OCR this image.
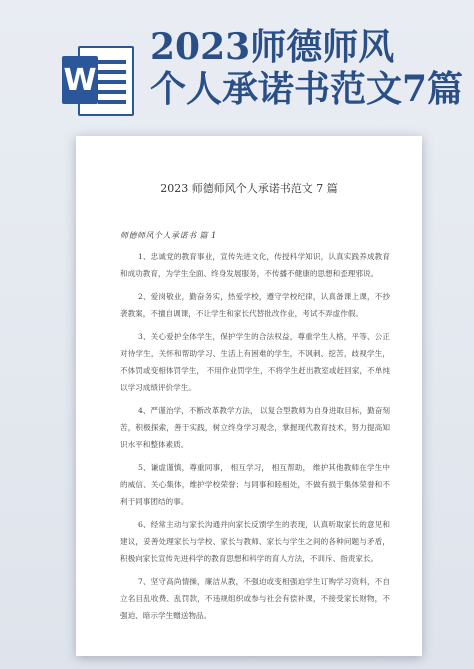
W
2023师德师风
个人承诺书范文7篇
2023 师德师风个人承诺书范文 7 篇
师德师风个人承诺书 篇 1

1、忠诚党的教育事业，宣传先进文化，传授科学知识，认真实践养成教育和成功教育，为学生全面、终身发展服务，不传播不健康的思想和歪理邪说。

2、爱岗敬业，勤奋务实，热爱学校，遵守学校纪律，认真备课上课，不抄袭教案，不擅自调课，不让学生和家长代替批改作业，考试不弄虚作假。

3、关心爱护全体学生，保护学生的合法权益，尊重学生人格，平等、公正对待学生，关怀和帮助学习、生活上有困难的学生，不讽刺、挖苦，歧视学生，不体罚或变相体罚学生， 不用作业罚学生，不将学生赶出教室或赶回家，不单纯以学习成绩评价学生。

4、严谨治学，不断改革教学方法， 以复合型教师为自身进取目标，勤奋刻苦，积极探索，善于实践，树立终身学习观念，掌握现代教育技术，努力提高知识水平和整体素质。

5、谦虚谨慎，尊重同事， 相互学习， 相互帮助， 维护其他教师在学生中的威信、关心集体，维护学校荣誉；与同事和睦相处，不做有损于集体荣誉和不利于同事团结的事。

6、经常主动与家长沟通并向家长反馈学生的表现，认真听取家长的意见和建议，妥善处理家长与学校、家长与教师、家长与学生之间的各种问题与矛盾，积极向家长宣传先进科学的教育思想和科学的育人方法，不训斥、指责家长。

7、坚守高尚情操，廉洁从教，不强迫或变相强迫学生订购学习资料，不自立名目乱收费、乱罚款，不违规组织或参与社会有偿补课，不接受家长财物，不强迫、暗示学生赠送物品。
